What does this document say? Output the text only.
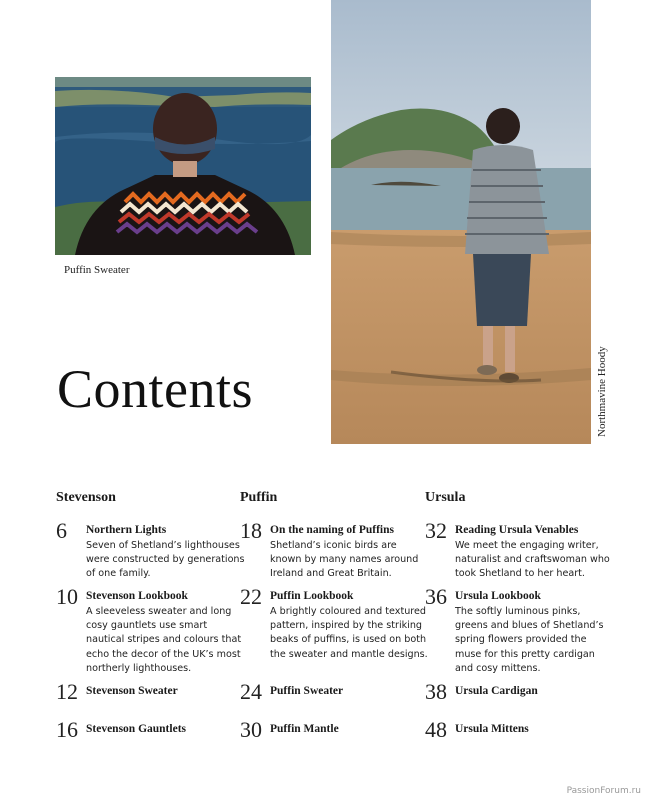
Puffin Sweater
Northmavine Hoody
Contents
Stevenson
6 Northern Lights
Seven of Shetland’s lighthouses were constructed by generations of one family.
10 Stevenson Lookbook
A sleeveless sweater and long cosy gauntlets use smart nautical stripes and colours that echo the decor of the UK’s most northerly lighthouses.
12 Stevenson Sweater
16 Stevenson Gauntlets
Puffin
18 On the naming of Puffins
Shetland’s iconic birds are known by many names around Ireland and Great Britain.
22 Puffin Lookbook
A brightly coloured and textured pattern, inspired by the striking beaks of puffins, is used on both the sweater and mantle designs.
24 Puffin Sweater
30 Puffin Mantle
Ursula
32 Reading Ursula Venables
We meet the engaging writer, naturalist and craftswoman who took Shetland to her heart.
36 Ursula Lookbook
The softly luminous pinks, greens and blues of Shetland’s spring flowers provided the muse for this pretty cardigan and cosy mittens.
38 Ursula Cardigan
48 Ursula Mittens
PassionForum.ru
